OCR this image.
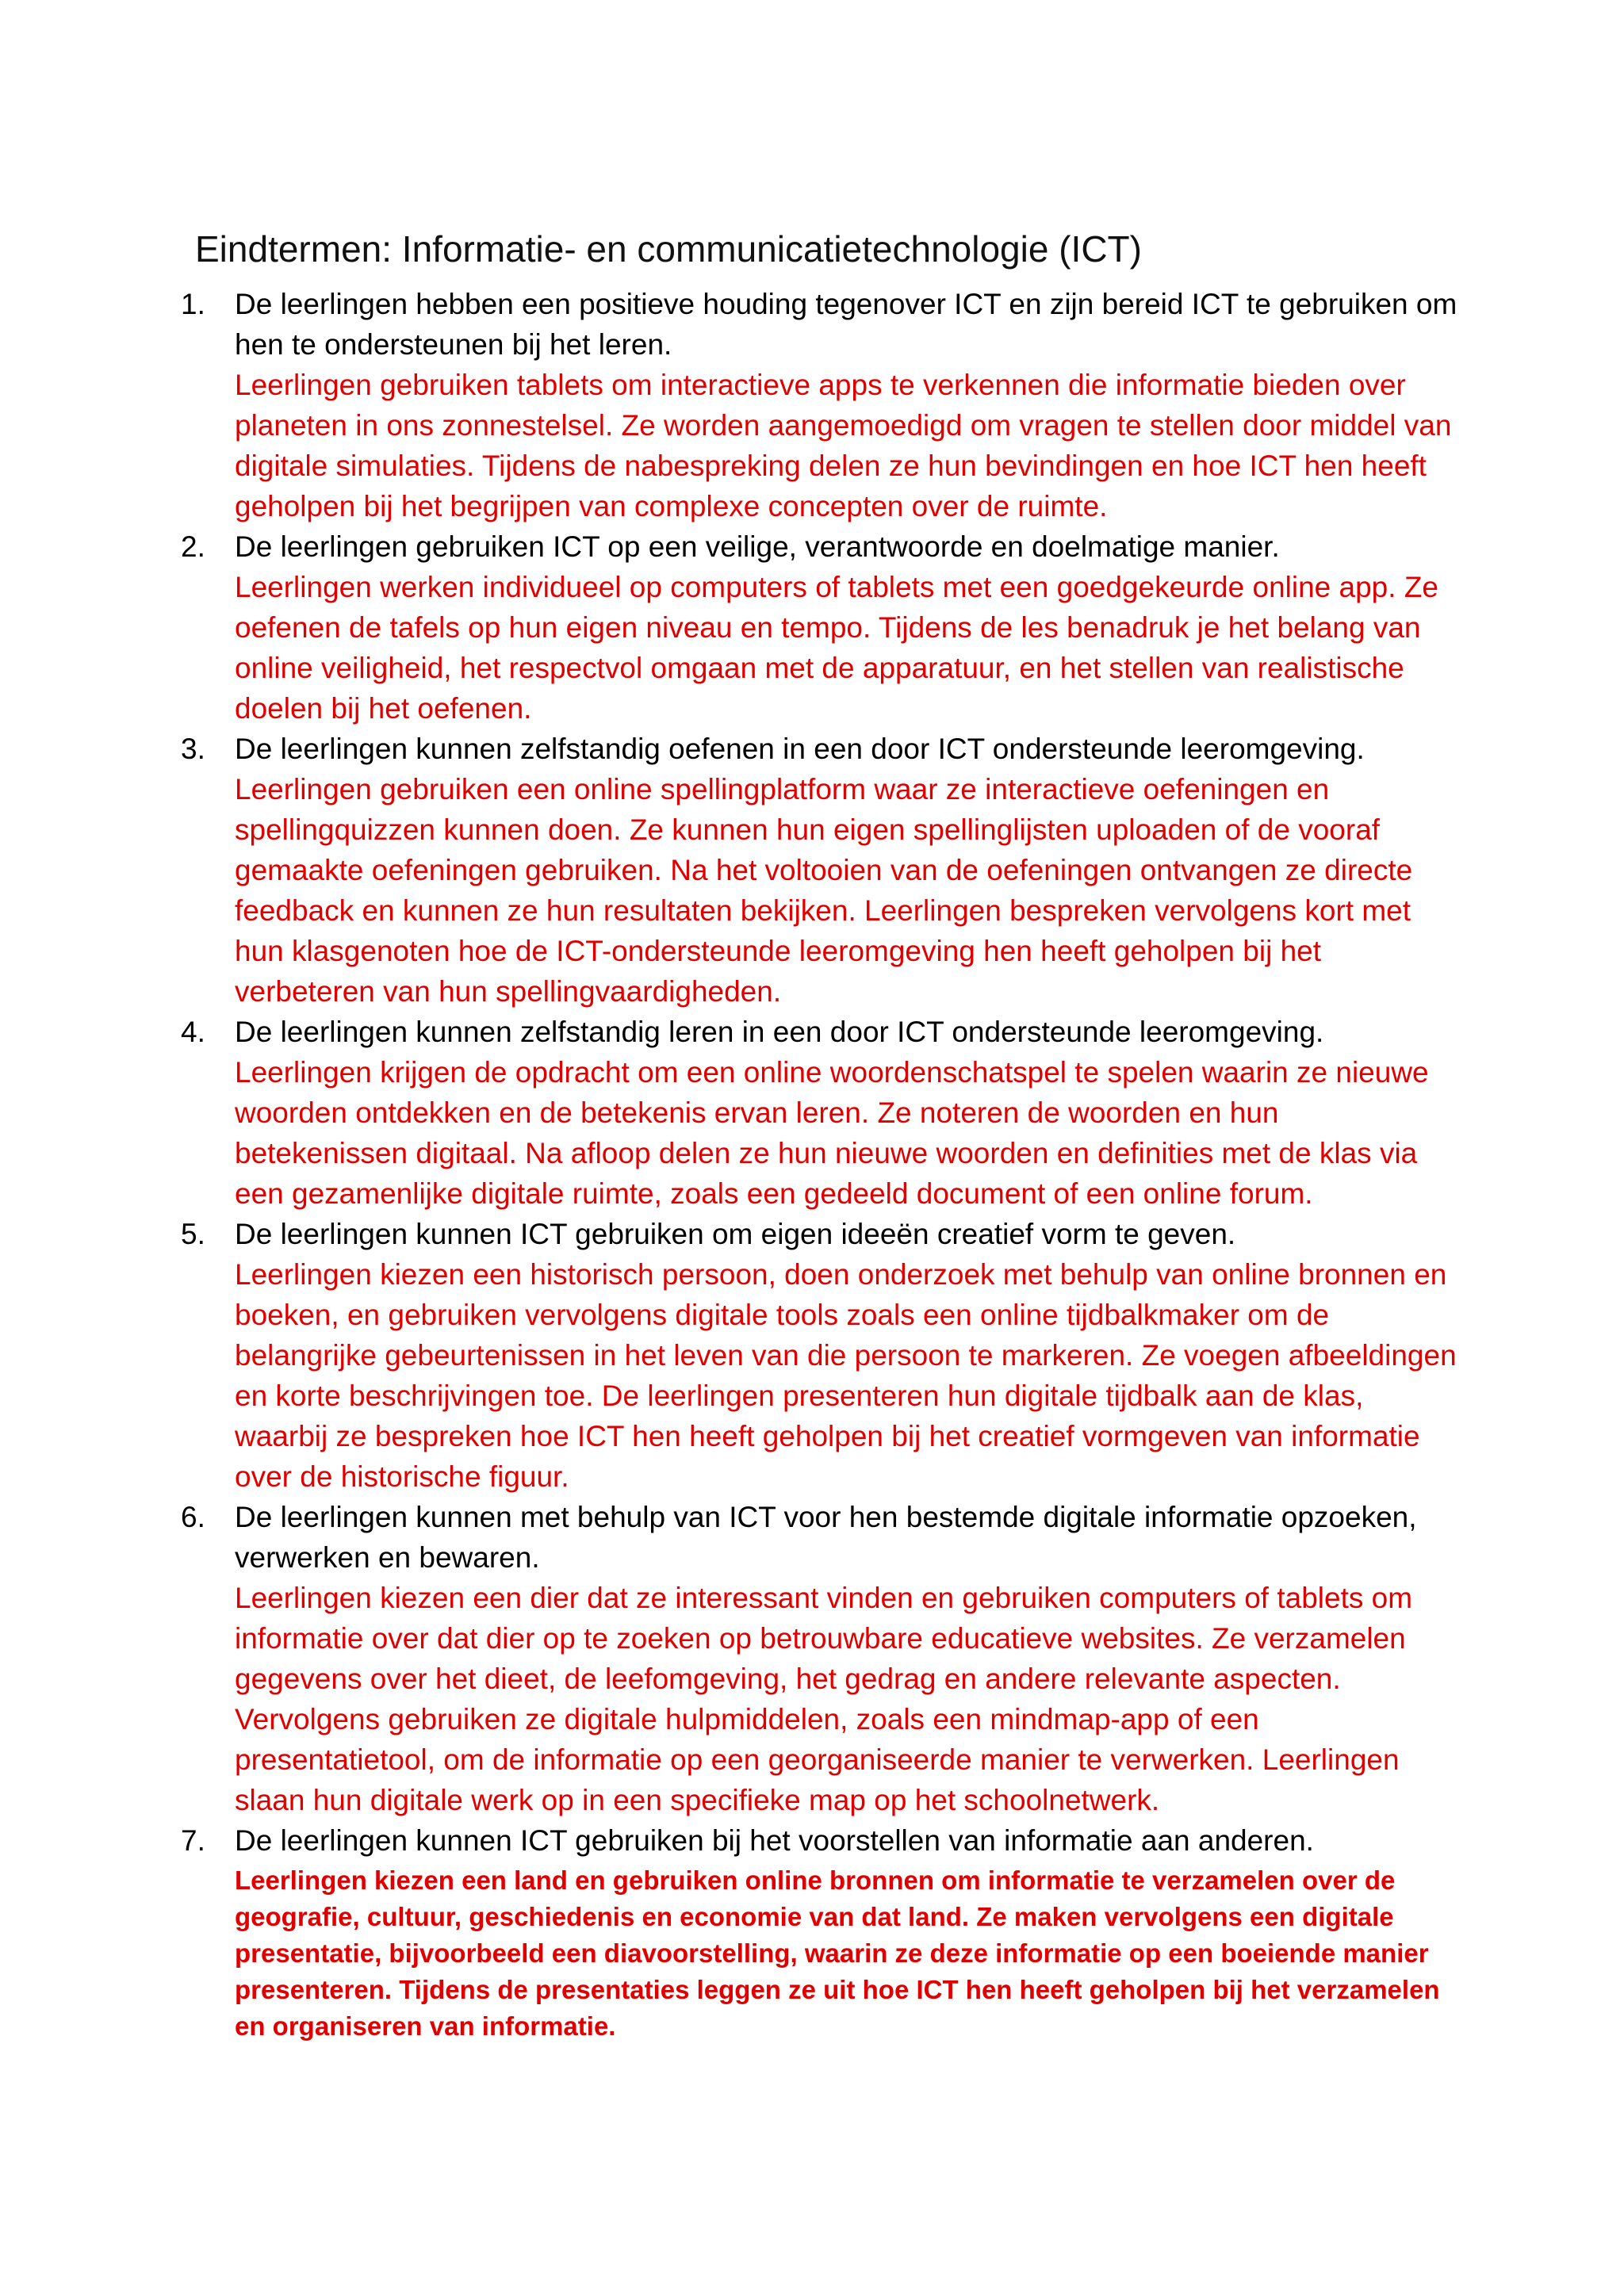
Eindtermen: Informatie- en communicatietechnologie (ICT)
1. De leerlingen hebben een positieve houding tegenover ICT en zijn bereid ICT te gebruiken om hen te ondersteunen bij het leren.
Leerlingen gebruiken tablets om interactieve apps te verkennen die informatie bieden over planeten in ons zonnestelsel. Ze worden aangemoedigd om vragen te stellen door middel van digitale simulaties. Tijdens de nabespreking delen ze hun bevindingen en hoe ICT hen heeft geholpen bij het begrijpen van complexe concepten over de ruimte.
2. De leerlingen gebruiken ICT op een veilige, verantwoorde en doelmatige manier.
Leerlingen werken individueel op computers of tablets met een goedgekeurde online app. Ze oefenen de tafels op hun eigen niveau en tempo. Tijdens de les benadruk je het belang van online veiligheid, het respectvol omgaan met de apparatuur, en het stellen van realistische doelen bij het oefenen.
3. De leerlingen kunnen zelfstandig oefenen in een door ICT ondersteunde leeromgeving.
Leerlingen gebruiken een online spellingplatform waar ze interactieve oefeningen en spellingquizzen kunnen doen. Ze kunnen hun eigen spellinglijsten uploaden of de vooraf gemaakte oefeningen gebruiken. Na het voltooien van de oefeningen ontvangen ze directe feedback en kunnen ze hun resultaten bekijken. Leerlingen bespreken vervolgens kort met hun klasgenoten hoe de ICT-ondersteunde leeromgeving hen heeft geholpen bij het verbeteren van hun spellingvaardigheden.
4. De leerlingen kunnen zelfstandig leren in een door ICT ondersteunde leeromgeving.
Leerlingen krijgen de opdracht om een online woordenschatspel te spelen waarin ze nieuwe woorden ontdekken en de betekenis ervan leren. Ze noteren de woorden en hun betekenissen digitaal. Na afloop delen ze hun nieuwe woorden en definities met de klas via een gezamenlijke digitale ruimte, zoals een gedeeld document of een online forum.
5. De leerlingen kunnen ICT gebruiken om eigen ideeën creatief vorm te geven.
Leerlingen kiezen een historisch persoon, doen onderzoek met behulp van online bronnen en boeken, en gebruiken vervolgens digitale tools zoals een online tijdbalkmaker om de belangrijke gebeurtenissen in het leven van die persoon te markeren. Ze voegen afbeeldingen en korte beschrijvingen toe. De leerlingen presenteren hun digitale tijdbalk aan de klas, waarbij ze bespreken hoe ICT hen heeft geholpen bij het creatief vormgeven van informatie over de historische figuur.
6. De leerlingen kunnen met behulp van ICT voor hen bestemde digitale informatie opzoeken, verwerken en bewaren.
Leerlingen kiezen een dier dat ze interessant vinden en gebruiken computers of tablets om informatie over dat dier op te zoeken op betrouwbare educatieve websites. Ze verzamelen gegevens over het dieet, de leefomgeving, het gedrag en andere relevante aspecten. Vervolgens gebruiken ze digitale hulpmiddelen, zoals een mindmap-app of een presentatietool, om de informatie op een georganiseerde manier te verwerken. Leerlingen slaan hun digitale werk op in een specifieke map op het schoolnetwerk.
7. De leerlingen kunnen ICT gebruiken bij het voorstellen van informatie aan anderen.
Leerlingen kiezen een land en gebruiken online bronnen om informatie te verzamelen over de geografie, cultuur, geschiedenis en economie van dat land. Ze maken vervolgens een digitale presentatie, bijvoorbeeld een diavoorstelling, waarin ze deze informatie op een boeiende manier presenteren. Tijdens de presentaties leggen ze uit hoe ICT hen heeft geholpen bij het verzamelen en organiseren van informatie.
